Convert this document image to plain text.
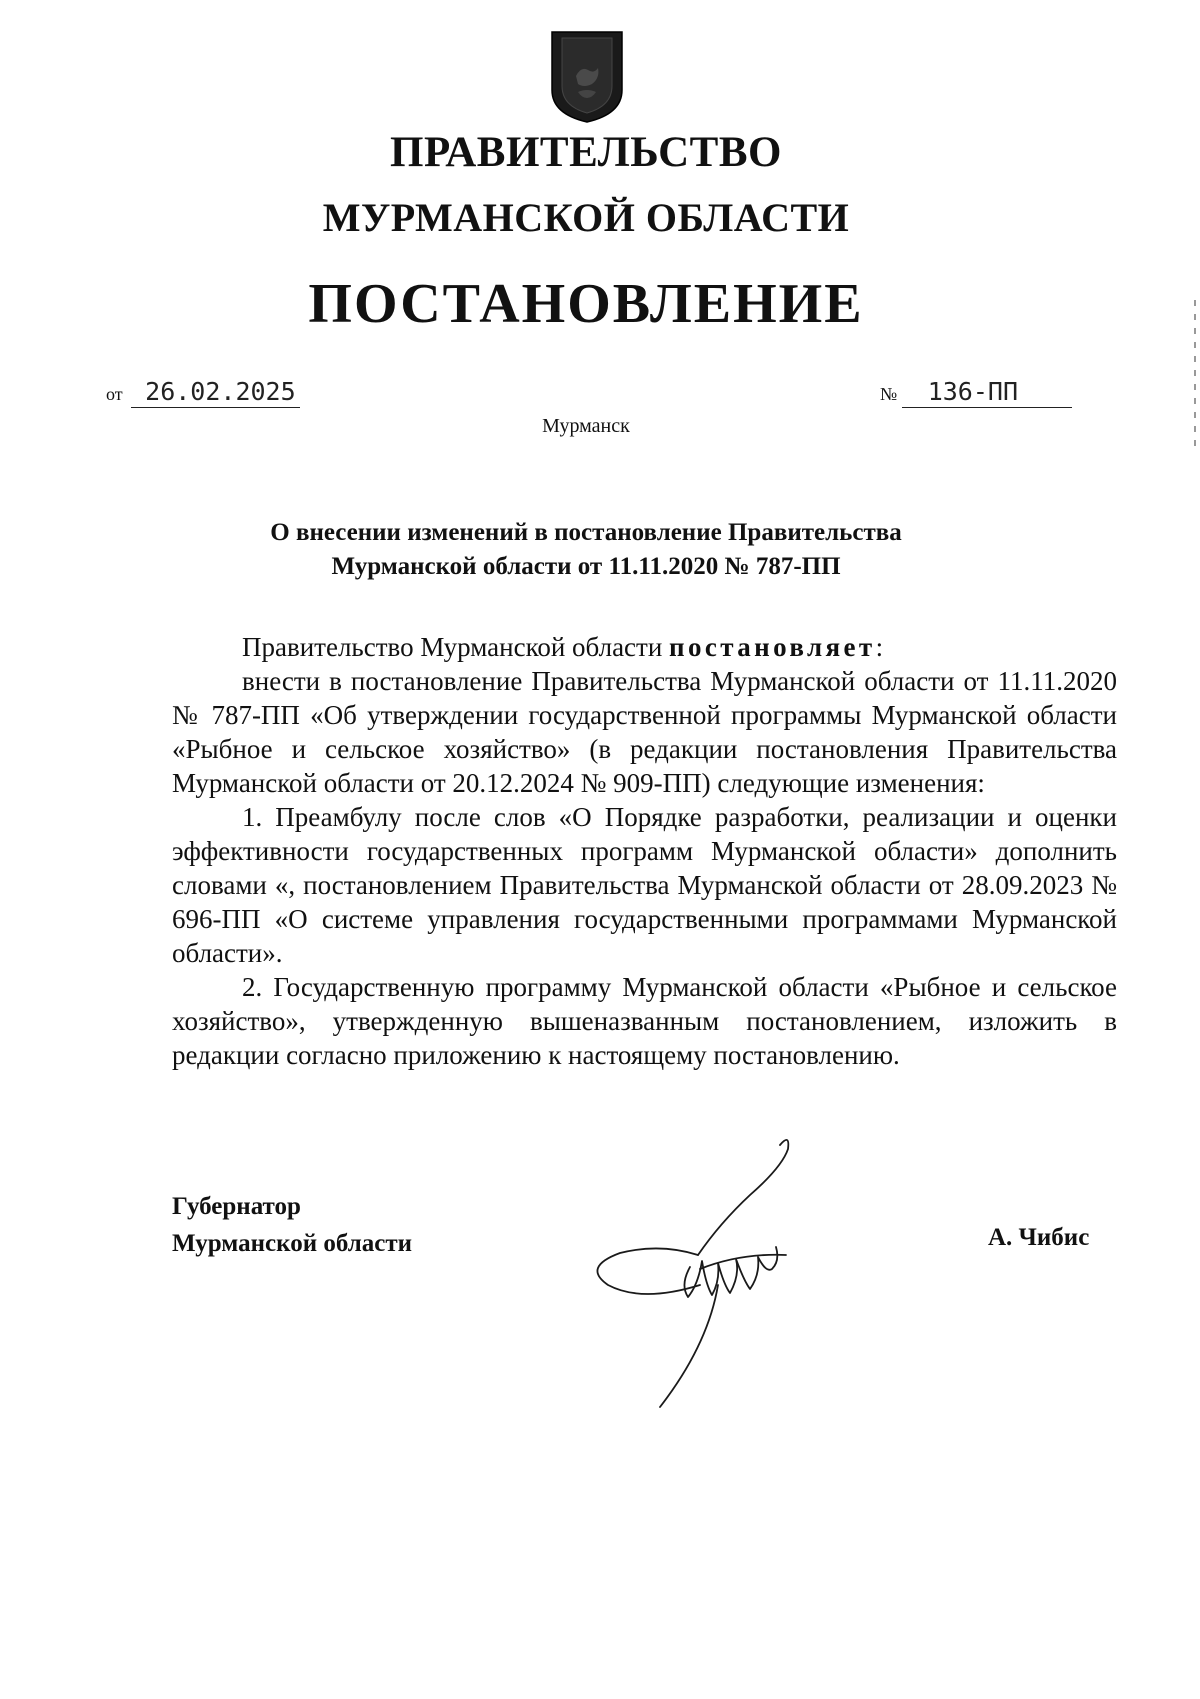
ПРАВИТЕЛЬСТВО
МУРМАНСКОЙ ОБЛАСТИ
ПОСТАНОВЛЕНИЕ
от 26.02.2025	№ 136-ПП
Мурманск
О внесении изменений в постановление Правительства
Мурманской области от 11.11.2020 № 787-ПП

Правительство Мурманской области постановляет:

внести в постановление Правительства Мурманской области от 11.11.2020 № 787-ПП «Об утверждении государственной программы Мурманской области «Рыбное и сельское хозяйство» (в редакции постановления Правительства Мурманской области от 20.12.2024 № 909-ПП) следующие изменения:

1. Преамбулу после слов «О Порядке разработки, реализации и оценки эффективности государственных программ Мурманской области» дополнить словами «, постановлением Правительства Мурманской области от 28.09.2023 № 696-ПП «О системе управления государственными программами Мурманской области».

2. Государственную программу Мурманской области «Рыбное и сельское хозяйство», утвержденную вышеназванным постановлением, изложить в редакции согласно приложению к настоящему постановлению.

Губернатор
Мурманской области	А. Чибис
